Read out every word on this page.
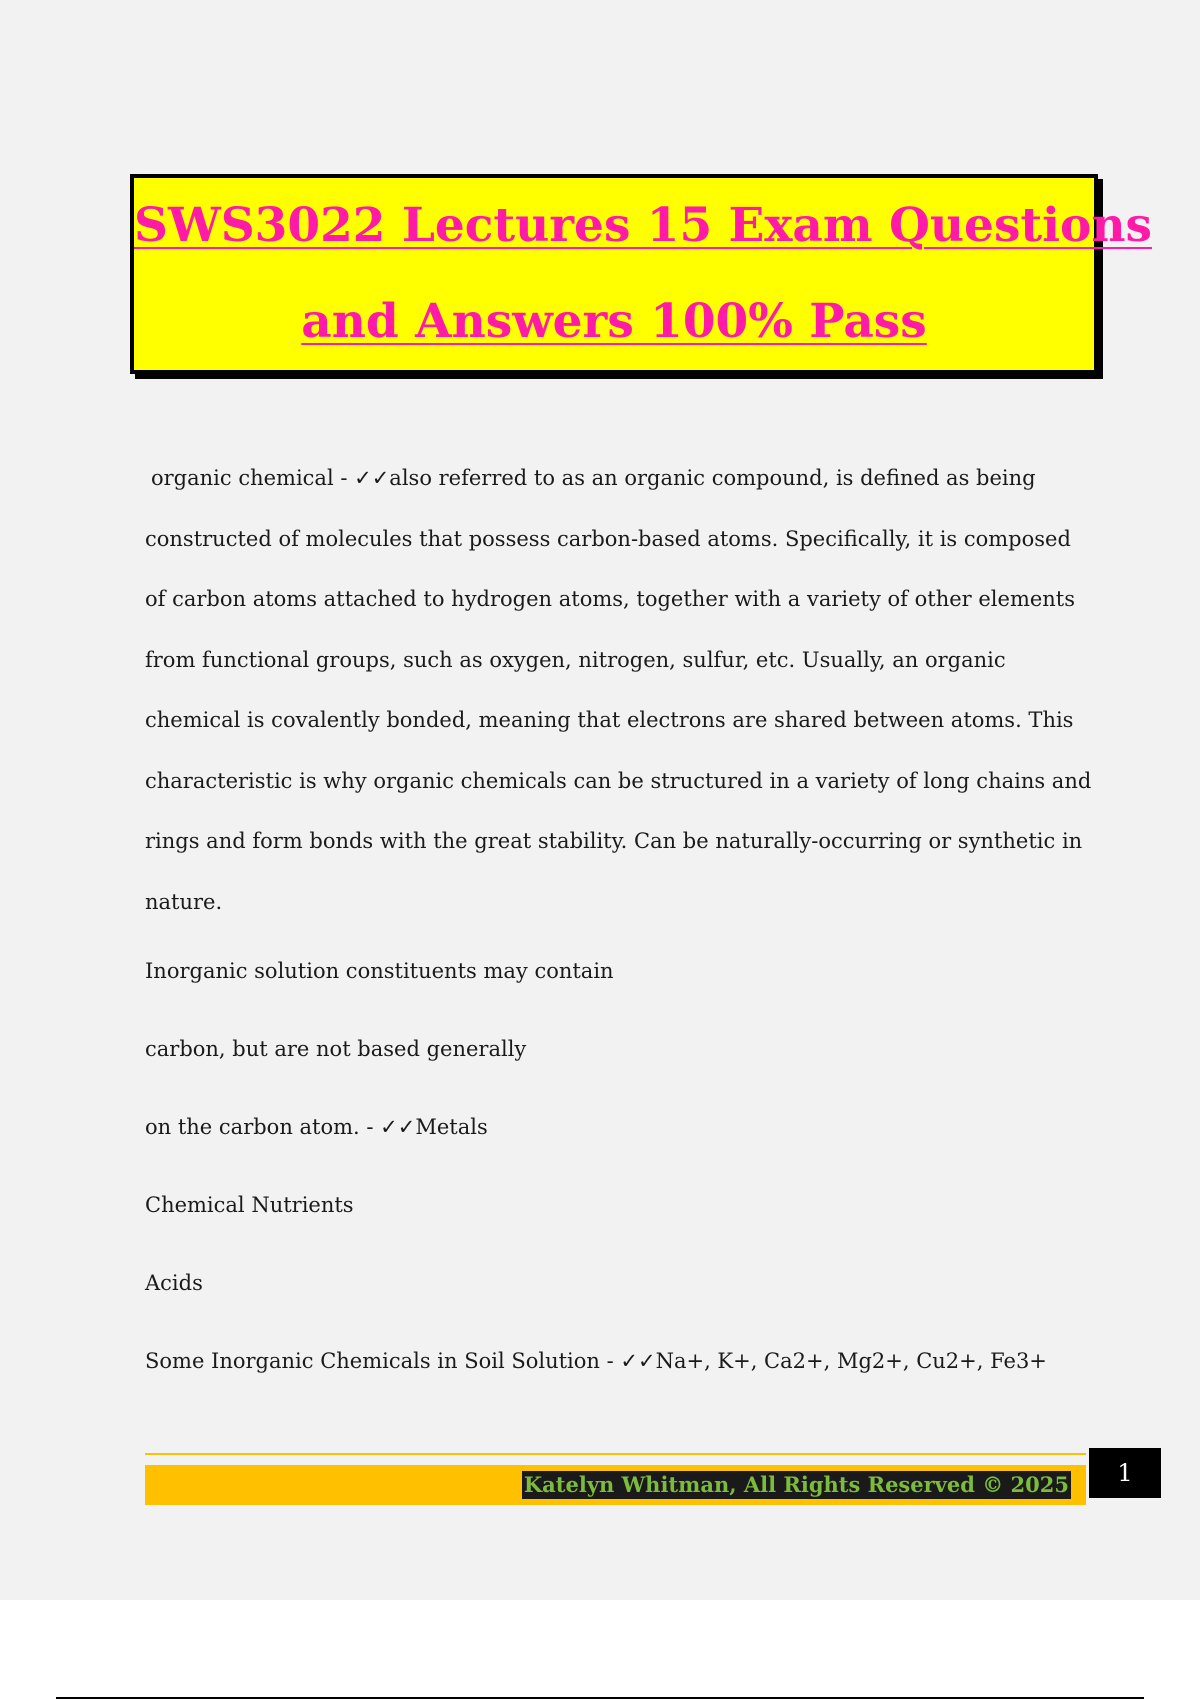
SWS3022 Lectures 15 Exam Questions
and Answers 100% Pass

organic chemical - ✓✓also referred to as an organic compound, is defined as being constructed of molecules that possess carbon-based atoms. Specifically, it is composed of carbon atoms attached to hydrogen atoms, together with a variety of other elements from functional groups, such as oxygen, nitrogen, sulfur, etc. Usually, an organic chemical is covalently bonded, meaning that electrons are shared between atoms. This characteristic is why organic chemicals can be structured in a variety of long chains and rings and form bonds with the great stability. Can be naturally-occurring or synthetic in nature.

Inorganic solution constituents may contain

carbon, but are not based generally

on the carbon atom. - ✓✓Metals

Chemical Nutrients

Acids

Some Inorganic Chemicals in Soil Solution - ✓✓Na+, K+, Ca2+, Mg2+, Cu2+, Fe3+

Katelyn Whitman, All Rights Reserved © 2025	1
